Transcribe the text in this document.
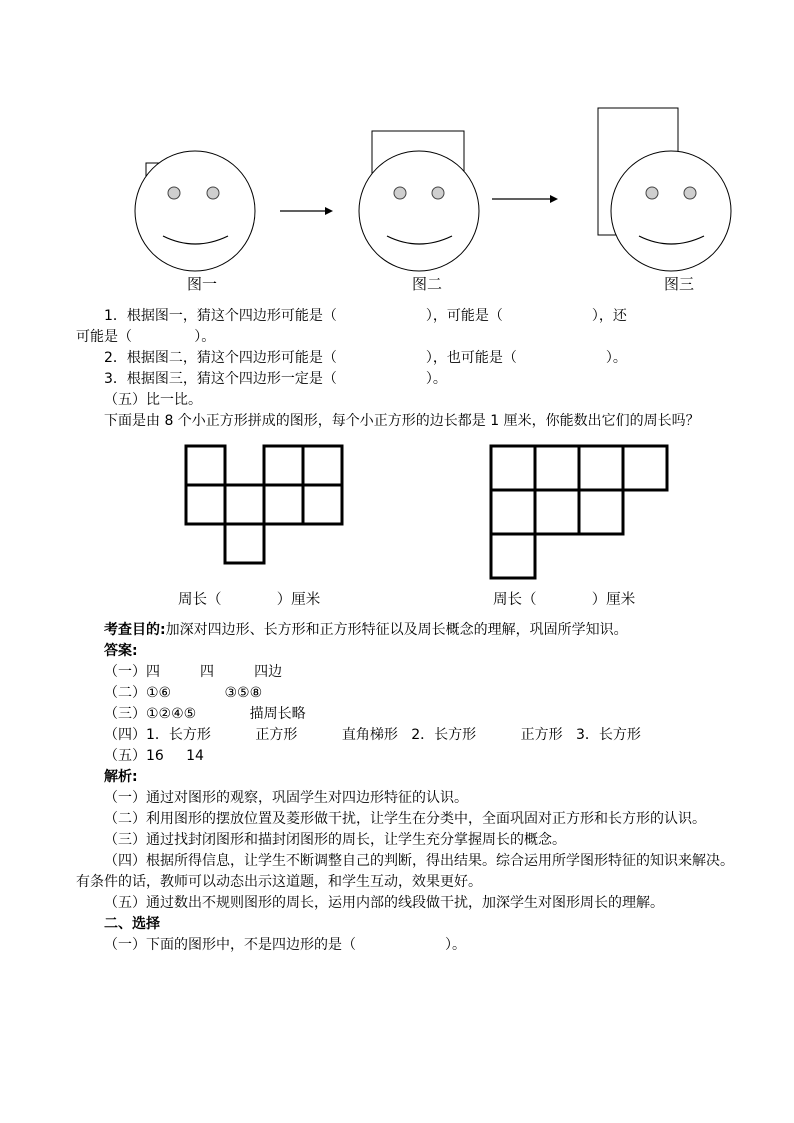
图一	图二	图三
1．根据图一，猜这个四边形可能是（                    ），可能是（                    ），还
可能是（              ）。
2．根据图二，猜这个四边形可能是（                    ），也可能是（                    ）。
3．根据图三，猜这个四边形一定是（                    ）。
（五）比一比。
下面是由 8 个小正方形拼成的图形，每个小正方形的边长都是 1 厘米，你能数出它们的周长吗？
周长（            ）厘米	周长（            ）厘米
考查目的:加深对四边形、长方形和正方形特征以及周长概念的理解，巩固所学知识。
答案:
（一）四         四         四边
（二）①⑥            ③⑤⑧
（三）①②④⑤            描周长略
（四）1．长方形          正方形          直角梯形   2．长方形          正方形   3．长方形
（五）16     14
解析:
（一）通过对图形的观察，巩固学生对四边形特征的认识。
（二）利用图形的摆放位置及菱形做干扰，让学生在分类中，全面巩固对正方形和长方形的认识。
（三）通过找封闭图形和描封闭图形的周长，让学生充分掌握周长的概念。
（四）根据所得信息，让学生不断调整自己的判断，得出结果。综合运用所学图形特征的知识来解决。
有条件的话，教师可以动态出示这道题，和学生互动，效果更好。
（五）通过数出不规则图形的周长，运用内部的线段做干扰，加深学生对图形周长的理解。
二、选择
（一）下面的图形中，不是四边形的是（                    ）。
